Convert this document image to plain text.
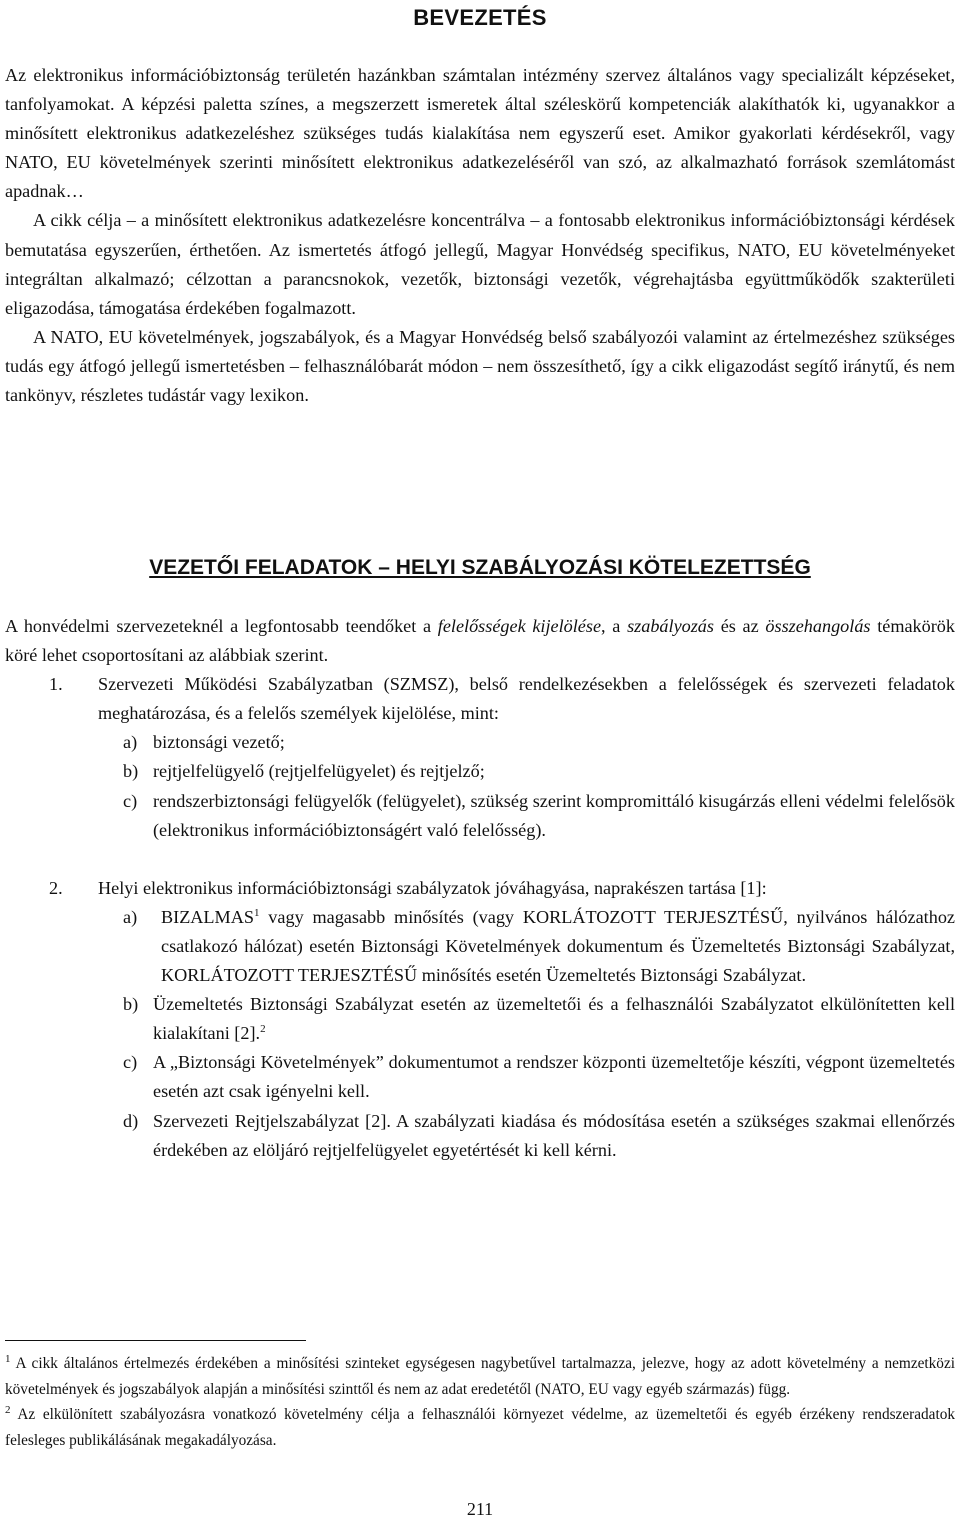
BEVEZETÉS

Az elektronikus információbiztonság területén hazánkban számtalan intézmény szervez általános vagy specializált képzéseket, tanfolyamokat. A képzési paletta színes, a megszerzett ismeretek által széleskörű kompetenciák alakíthatók ki, ugyanakkor a minősített elektronikus adatkezeléshez szükséges tudás kialakítása nem egyszerű eset. Amikor gyakorlati kérdésekről, vagy NATO, EU követelmények szerinti minősített elektronikus adatkezeléséről van szó, az alkalmazható források szemlátomást apadnak…

A cikk célja – a minősített elektronikus adatkezelésre koncentrálva – a fontosabb elektronikus információbiztonsági kérdések bemutatása egyszerűen, érthetően. Az ismertetés átfogó jellegű, Magyar Honvédség specifikus, NATO, EU követelményeket integráltan alkalmazó; célzottan a parancsnokok, vezetők, biztonsági vezetők, végrehajtásba együttműködők szakterületi eligazodása, támogatása érdekében fogalmazott.

A NATO, EU követelmények, jogszabályok, és a Magyar Honvédség belső szabályozói valamint az értelmezéshez szükséges tudás egy átfogó jellegű ismertetésben – felhasználóbarát módon – nem összesíthető, így a cikk eligazodást segítő iránytű, és nem tankönyv, részletes tudástár vagy lexikon.

VEZETŐI FELADATOK – HELYI SZABÁLYOZÁSI KÖTELEZETTSÉG

A honvédelmi szervezeteknél a legfontosabb teendőket a felelősségek kijelölése, a szabályozás és az összehangolás témakörök köré lehet csoportosítani az alábbiak szerint.

1. Szervezeti Működési Szabályzatban (SZMSZ), belső rendelkezésekben a felelősségek és szervezeti feladatok meghatározása, és a felelős személyek kijelölése, mint:
a) biztonsági vezető;
b) rejtjelfelügyelő (rejtjelfelügyelet) és rejtjelző;
c) rendszerbiztonsági felügyelők (felügyelet), szükség szerint kompromittáló kisugárzás elleni védelmi felelősök (elektronikus információbiztonságért való felelősség).
2. Helyi elektronikus információbiztonsági szabályzatok jóváhagyása, naprakészen tartása [1]:
a)	BIZALMAS$^1$ vagy magasabb minősítés (vagy KORLÁTOZOTT TERJESZTÉSŰ, nyilvános hálózathoz csatlakozó hálózat) esetén Biztonsági Követelmények dokumentum és Üzemeltetés Biztonsági Szabályzat, KORLÁTOZOTT TERJESZTÉSŰ minősítés esetén Üzemeltetés Biztonsági Szabályzat.
b) Üzemeltetés Biztonsági Szabályzat esetén az üzemeltetői és a felhasználói Szabályzatot elkülönítetten kell kialakítani [2].$^2$
c) A „Biztonsági Követelmények” dokumentumot a rendszer központi üzemeltetője készíti, végpont üzemeltetés esetén azt csak igényelni kell.
d) Szervezeti Rejtjelszabályzat [2]. A szabályzati kiadása és módosítása esetén a szükséges szakmai ellenőrzés érdekében az elöljáró rejtjelfelügyelet egyetértését ki kell kérni.

$^1$ A cikk általános értelmezés érdekében a minősítési szinteket egységesen nagybetűvel tartalmazza, jelezve, hogy az adott követelmény a nemzetközi követelmények és jogszabályok alapján a minősítési szinttől és nem az adat eredetétől (NATO, EU vagy egyéb származás) függ.

$^2$ Az elkülönített szabályozásra vonatkozó követelmény célja a felhasználói környezet védelme, az üzemeltetői és egyéb érzékeny rendszeradatok felesleges publikálásának megakadályozása.

211
